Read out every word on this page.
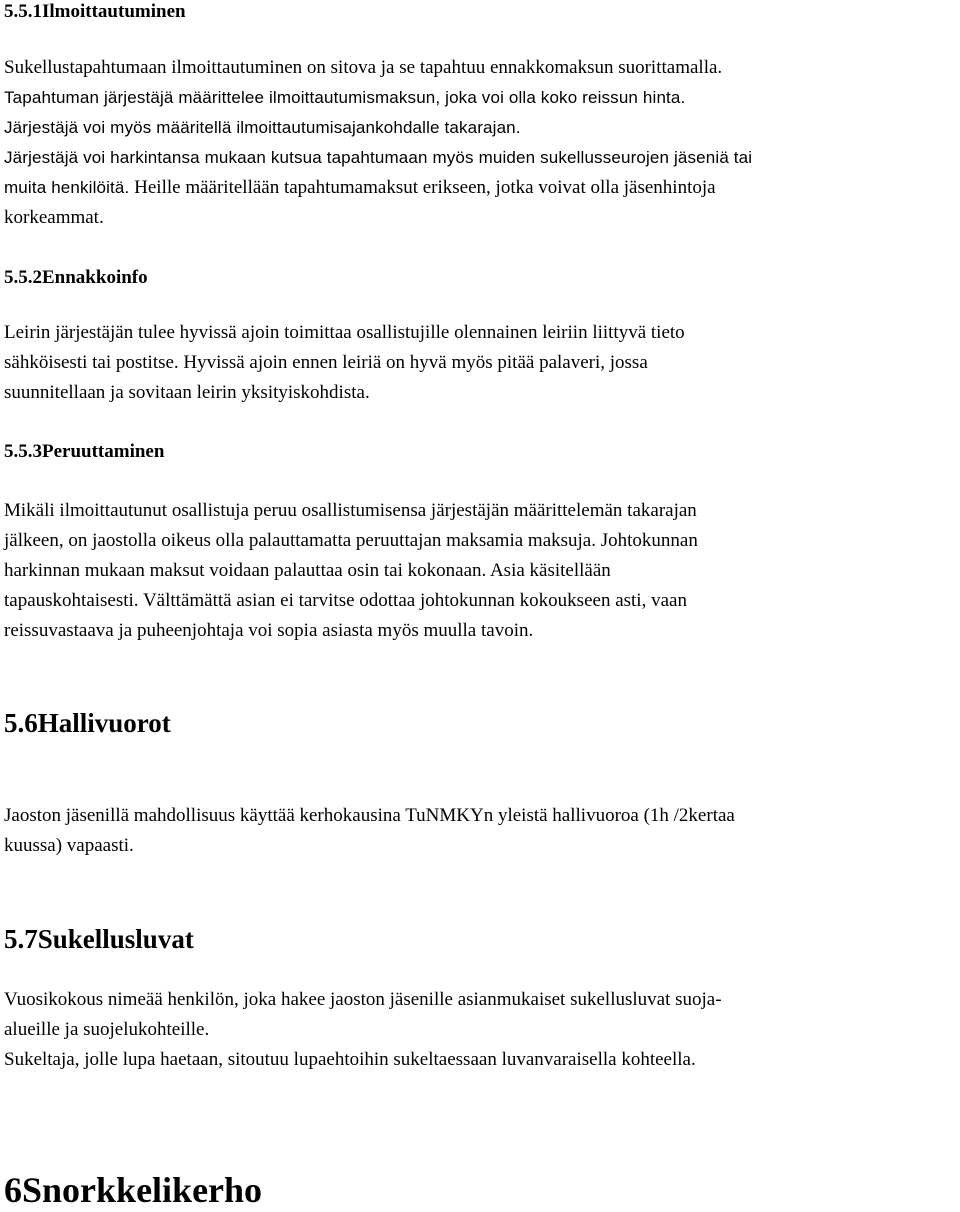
5.5.1Ilmoittautuminen
Sukellustapahtumaan ilmoittautuminen on sitova ja se tapahtuu ennakkomaksun suorittamalla.
Tapahtuman järjestäjä määrittelee ilmoittautumismaksun, joka voi olla koko reissun hinta.
Järjestäjä voi myös määritellä ilmoittautumisajankohdalle takarajan.
Järjestäjä voi harkintansa mukaan kutsua tapahtumaan myös muiden sukellusseurojen jäseniä tai
muita henkilöitä. Heille määritellään tapahtumamaksut erikseen, jotka voivat olla jäsenhintoja
korkeammat.
5.5.2Ennakkoinfo
Leirin järjestäjän tulee hyvissä ajoin toimittaa osallistujille olennainen leiriin liittyvä tieto
sähköisesti tai postitse. Hyvissä ajoin ennen leiriä on hyvä myös pitää palaveri, jossa
suunnitellaan ja sovitaan leirin yksityiskohdista.
5.5.3Peruuttaminen
Mikäli ilmoittautunut osallistuja peruu osallistumisensa järjestäjän määrittelemän takarajan
jälkeen, on jaostolla oikeus olla palauttamatta peruuttajan maksamia maksuja. Johtokunnan
harkinnan mukaan maksut voidaan palauttaa osin tai kokonaan. Asia käsitellään
tapauskohtaisesti. Välttämättä asian ei tarvitse odottaa johtokunnan kokoukseen asti, vaan
reissuvastaava ja puheenjohtaja voi sopia asiasta myös muulla tavoin.
5.6Hallivuorot
Jaoston jäsenillä mahdollisuus käyttää kerhokausina TuNMKYn yleistä hallivuoroa (1h /2kertaa
kuussa) vapaasti.
5.7Sukellusluvat
Vuosikokous nimeää henkilön, joka hakee jaoston jäsenille asianmukaiset sukellusluvat suoja-
alueille ja suojelukohteille.
Sukeltaja, jolle lupa haetaan, sitoutuu lupaehtoihin sukeltaessaan luvanvaraisella kohteella.
6Snorkkelikerho
